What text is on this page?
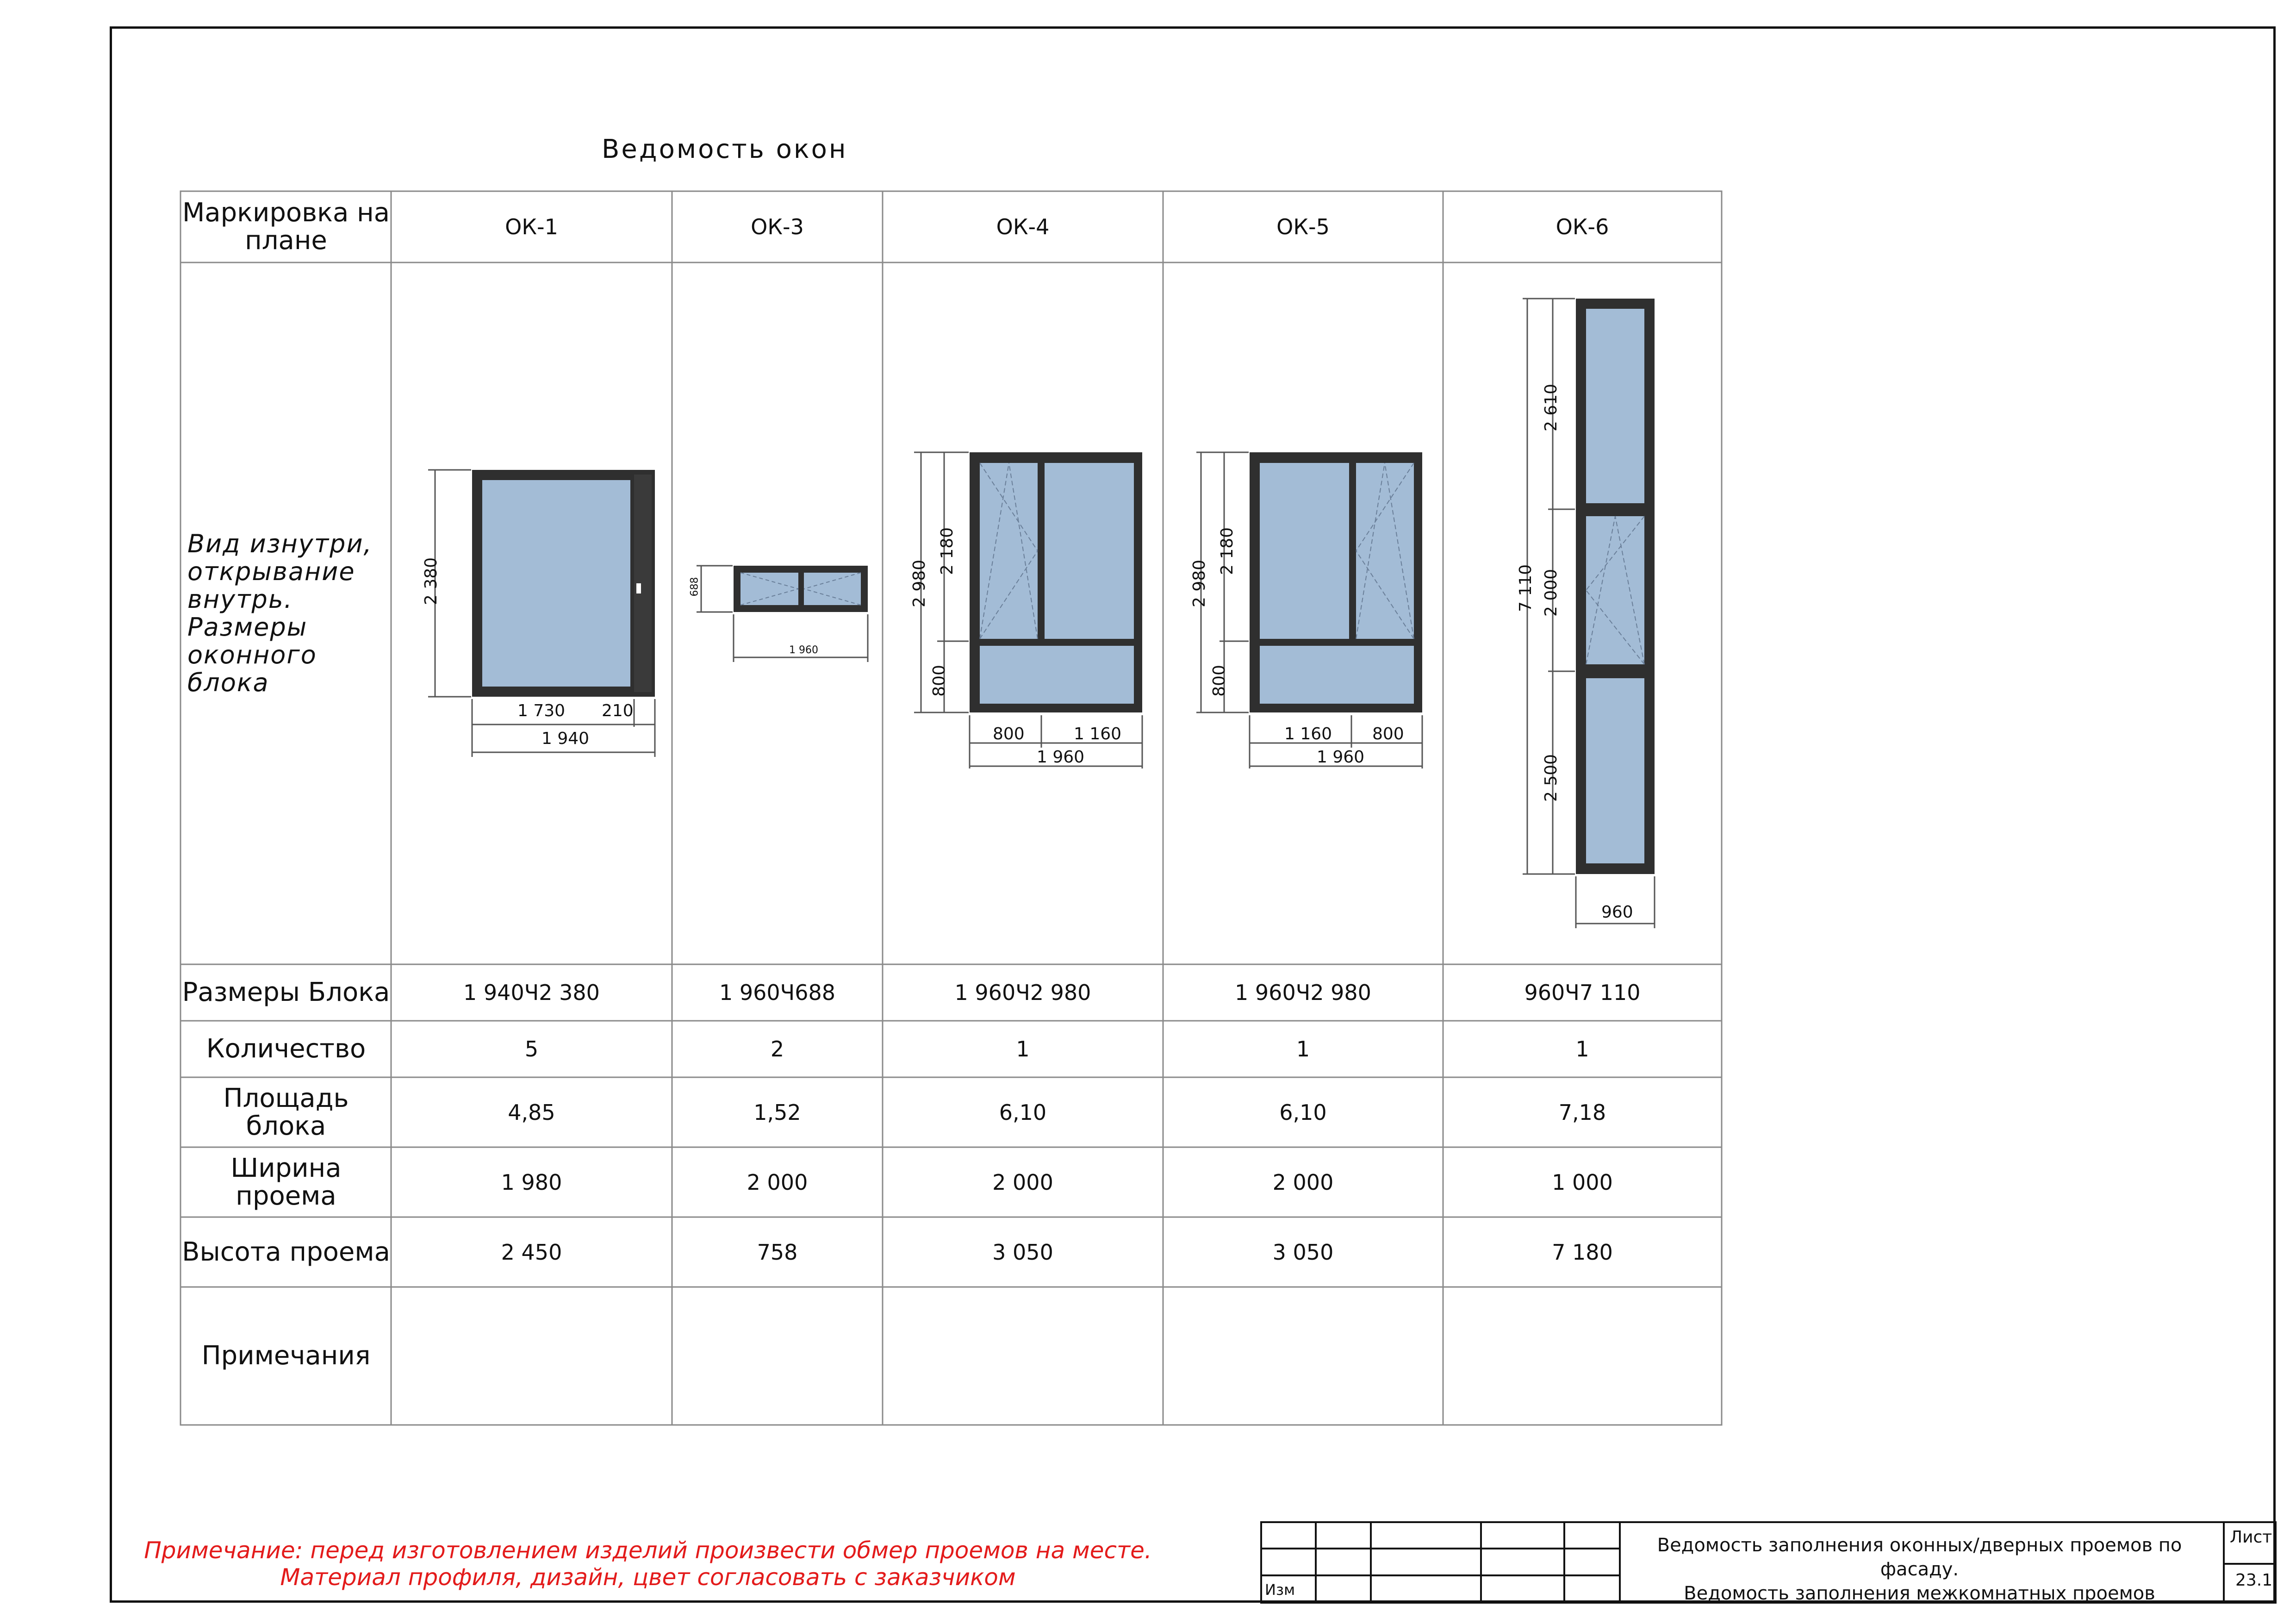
Ведомость окон
Маркировка на плане	ОК-1	ОК-3	ОК-4	ОК-5	ОК-6
Вид изнутри, открывание внутрь. Размеры оконного блока
2 380
1 730 210
1 940
688
1 960
2 980
2 180
800
800	1 160
1 960
2 980
2 180
800
1 160 800
1 960
7 110
2 610
2 000
2 500
960
Размеры Блока	1 940Ч2 380	1 960Ч688	1 960Ч2 980	1 960Ч2 980	960Ч7 110
Количество	5	2	1	1	1
Площадь блока	4,85	1,52	6,10	6,10	7,18
Ширина проема	1 980	2 000	2 000	2 000	1 000
Высота проема	2 450	758	3 050	3 050	7 180
Примечания
Примечание: перед изготовлением изделий произвести обмер проемов на месте.
Материал профиля, дизайн, цвет согласовать с заказчиком
Ведомость заполнения оконных/дверных проемов по фасаду.
Ведомость заполнения межкомнатных проемов
Лист
23.1
Изм
